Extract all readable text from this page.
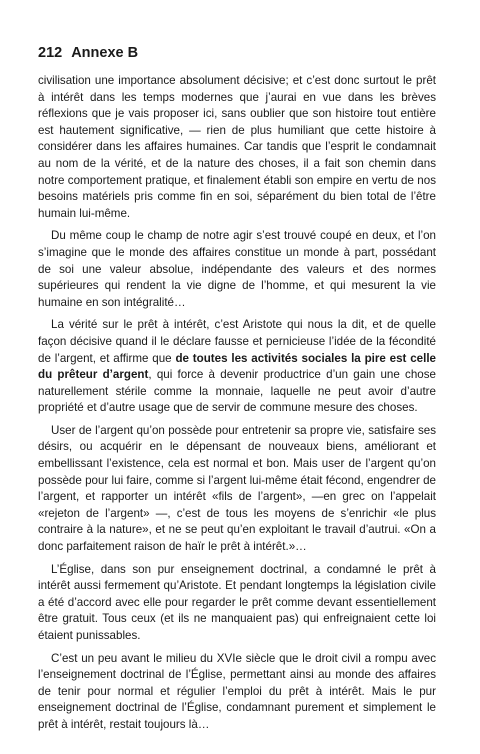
212 Annexe B

civilisation une importance absolument décisive; et c’est donc surtout le prêt à intérêt dans les temps modernes que j’aurai en vue dans les brèves réflexions que je vais proposer ici, sans oublier que son histoire tout entière est hautement significative, — rien de plus humiliant que cette histoire à considérer dans les affaires humaines. Car tandis que l’esprit le condamnait au nom de la vérité, et de la nature des choses, il a fait son chemin dans notre comportement pratique, et finalement établi son empire en vertu de nos besoins matériels pris comme fin en soi, séparément du bien total de l’être humain lui-même.

Du même coup le champ de notre agir s’est trouvé coupé en deux, et l’on s’imagine que le monde des affaires constitue un monde à part, possédant de soi une valeur absolue, indépendante des valeurs et des normes supérieures qui rendent la vie digne de l’homme, et qui mesurent la vie humaine en son intégralité…

La vérité sur le prêt à intérêt, c’est Aristote qui nous la dit, et de quelle façon décisive quand il le déclare fausse et pernicieuse l’idée de la fécondité de l’argent, et affirme que de toutes les activités sociales la pire est celle du prêteur d’argent, qui force à devenir productrice d’un gain une chose naturellement stérile comme la monnaie, laquelle ne peut avoir d’autre propriété et d’autre usage que de servir de commune mesure des choses.

User de l’argent qu’on possède pour entretenir sa propre vie, satisfaire ses désirs, ou acquérir en le dépensant de nouveaux biens, améliorant et embellissant l’existence, cela est normal et bon. Mais user de l’argent qu’on possède pour lui faire, comme si l’argent lui-même était fécond, engendrer de l’argent, et rapporter un intérêt «fils de l’argent», —en grec on l’appelait «rejeton de l’argent» —, c’est de tous les moyens de s’enrichir «le plus contraire à la nature», et ne se peut qu’en exploitant le travail d’autrui. «On a donc parfaitement raison de haïr le prêt à intérêt.»…

L’Église, dans son pur enseignement doctrinal, a condamné le prêt à intérêt aussi fermement qu’Aristote. Et pendant longtemps la législation civile a été d’accord avec elle pour regarder le prêt comme devant essentiellement être gratuit. Tous ceux (et ils ne manquaient pas) qui enfreignaient cette loi étaient punissables.

C’est un peu avant le milieu du XVIe siècle que le droit civil a rompu avec l’enseignement doctrinal de l’Église, permettant ainsi au monde des affaires de tenir pour normal et régulier l’emploi du prêt à intérêt. Mais le pur enseignement doctrinal de l’Église, condamnant purement et simplement le prêt à intérêt, restait toujours là…
